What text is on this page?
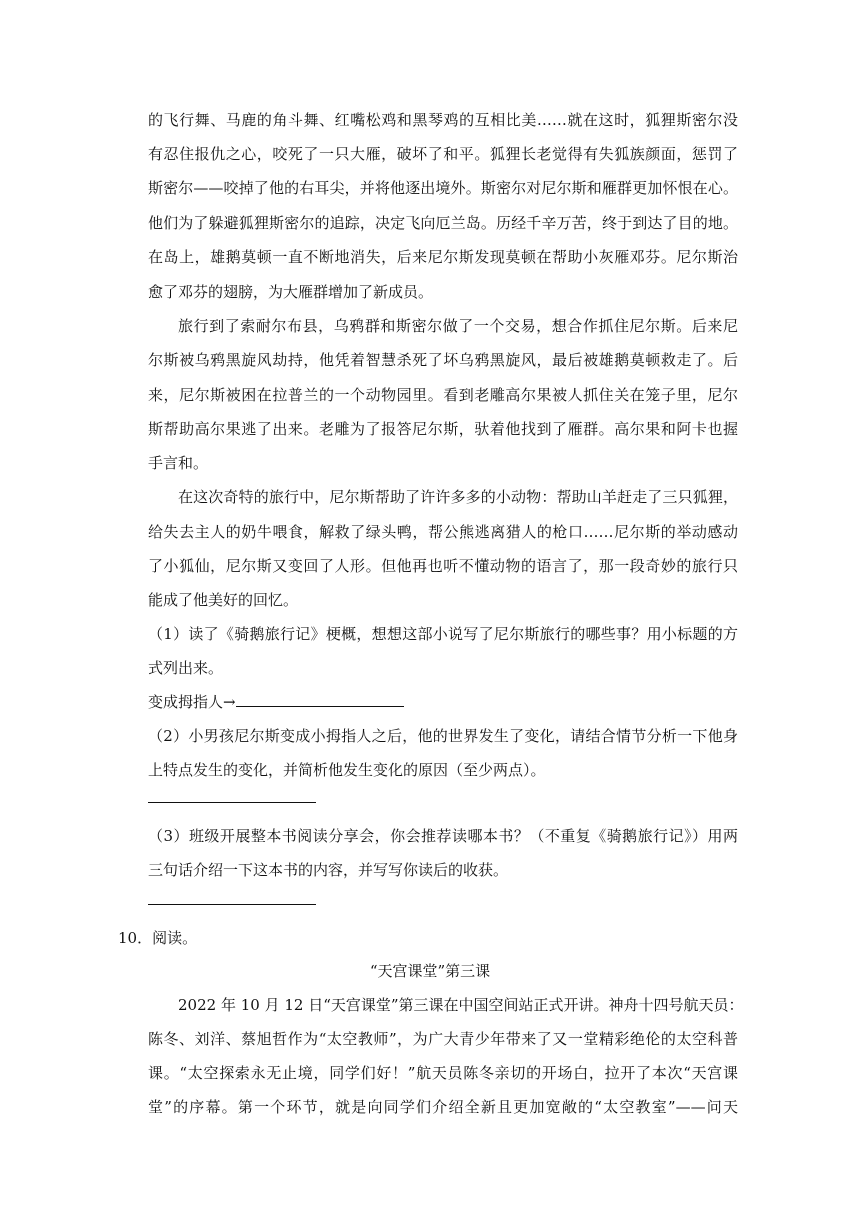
的飞行舞、马鹿的角斗舞、红嘴松鸡和黑琴鸡的互相比美……就在这时，狐狸斯密尔没
有忍住报仇之心，咬死了一只大雁，破坏了和平。狐狸长老觉得有失狐族颜面，惩罚了
斯密尔——咬掉了他的右耳尖，并将他逐出境外。斯密尔对尼尔斯和雁群更加怀恨在心。
他们为了躲避狐狸斯密尔的追踪，决定飞向厄兰岛。历经千辛万苦，终于到达了目的地。
在岛上，雄鹅莫顿一直不断地消失，后来尼尔斯发现莫顿在帮助小灰雁邓芬。尼尔斯治
愈了邓芬的翅膀，为大雁群增加了新成员。
旅行到了索耐尔布县，乌鸦群和斯密尔做了一个交易，想合作抓住尼尔斯。后来尼
尔斯被乌鸦黑旋风劫持，他凭着智慧杀死了坏乌鸦黑旋风，最后被雄鹅莫顿救走了。后
来，尼尔斯被困在拉普兰的一个动物园里。看到老雕高尔果被人抓住关在笼子里，尼尔
斯帮助高尔果逃了出来。老雕为了报答尼尔斯，驮着他找到了雁群。高尔果和阿卡也握
手言和。
在这次奇特的旅行中，尼尔斯帮助了许许多多的小动物：帮助山羊赶走了三只狐狸，
给失去主人的奶牛喂食，解救了绿头鸭，帮公熊逃离猎人的枪口……尼尔斯的举动感动
了小狐仙，尼尔斯又变回了人形。但他再也听不懂动物的语言了，那一段奇妙的旅行只
能成了他美好的回忆。
（1）读了《骑鹅旅行记》梗概，想想这部小说写了尼尔斯旅行的哪些事？用小标题的方
式列出来。
变成拇指人→
（2）小男孩尼尔斯变成小拇指人之后，他的世界发生了变化，请结合情节分析一下他身
上特点发生的变化，并简析他发生变化的原因（至少两点）。
（3）班级开展整本书阅读分享会，你会推荐读哪本书？（不重复《骑鹅旅行记》）用两
三句话介绍一下这本书的内容，并写写你读后的收获。
10．阅读。
“天宫课堂”第三课
2022 年 10 月 12 日“天宫课堂”第三课在中国空间站正式开讲。神舟十四号航天员：
陈冬、刘洋、蔡旭哲作为“太空教师”，为广大青少年带来了又一堂精彩绝伦的太空科普
课。“太空探索永无止境，同学们好！”航天员陈冬亲切的开场白，拉开了本次“天宫课
堂”的序幕。第一个环节，就是向同学们介绍全新且更加宽敞的“太空教室”——问天
